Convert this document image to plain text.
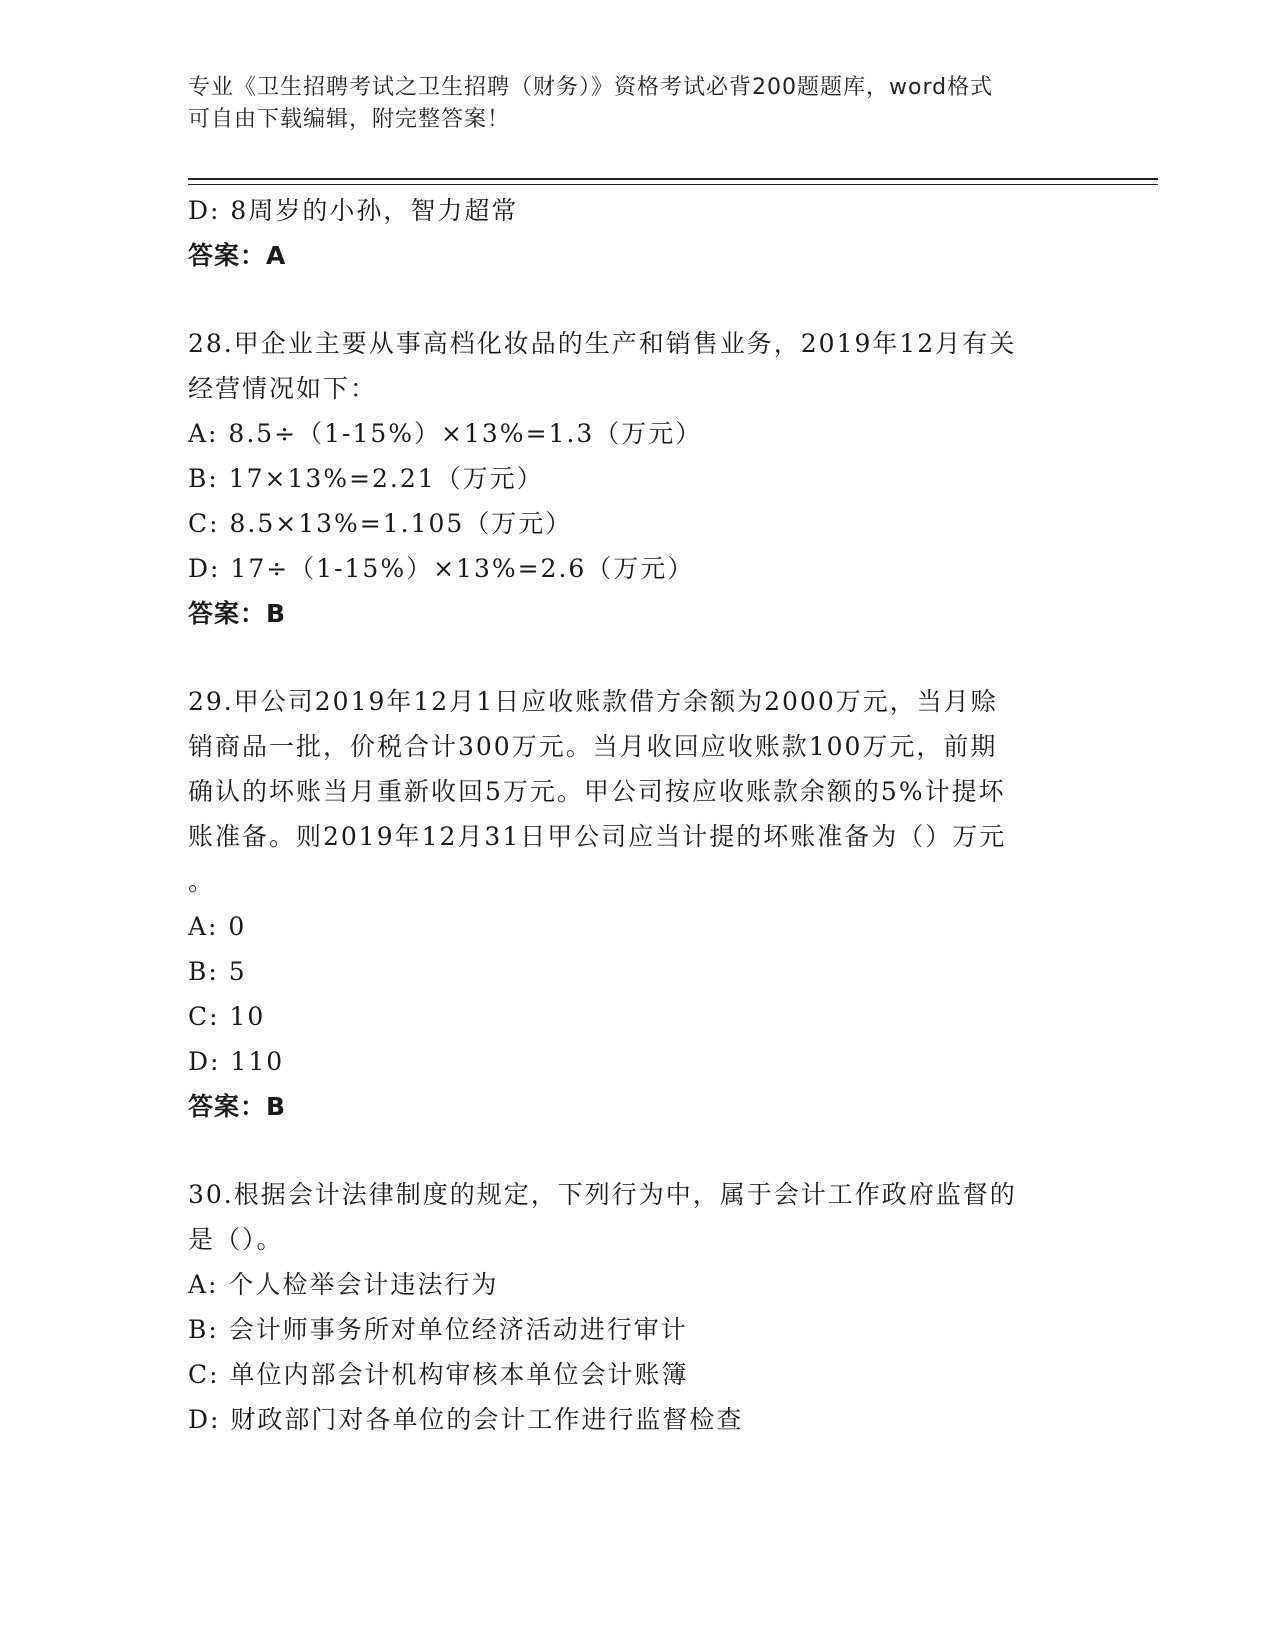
专业《卫生招聘考试之卫生招聘（财务）》资格考试必背200题题库，word格式
可自由下载编辑，附完整答案！
D: 8周岁的小孙，智力超常
答案：A
28.甲企业主要从事高档化妆品的生产和销售业务，2019年12月有关
经营情况如下：
A: 8.5÷（1-15%）×13%=1.3（万元）
B: 17×13%=2.21（万元）
C: 8.5×13%=1.105（万元）
D: 17÷（1-15%）×13%=2.6（万元）
答案：B
29.甲公司2019年12月1日应收账款借方余额为2000万元，当月赊
销商品一批，价税合计300万元。当月收回应收账款100万元，前期
确认的坏账当月重新收回5万元。甲公司按应收账款余额的5%计提坏
账准备。则2019年12月31日甲公司应当计提的坏账准备为（）万元
。
A: 0
B: 5
C: 10
D: 110
答案：B
30.根据会计法律制度的规定，下列行为中，属于会计工作政府监督的
是（）。
A: 个人检举会计违法行为
B: 会计师事务所对单位经济活动进行审计
C: 单位内部会计机构审核本单位会计账簿
D: 财政部门对各单位的会计工作进行监督检查
